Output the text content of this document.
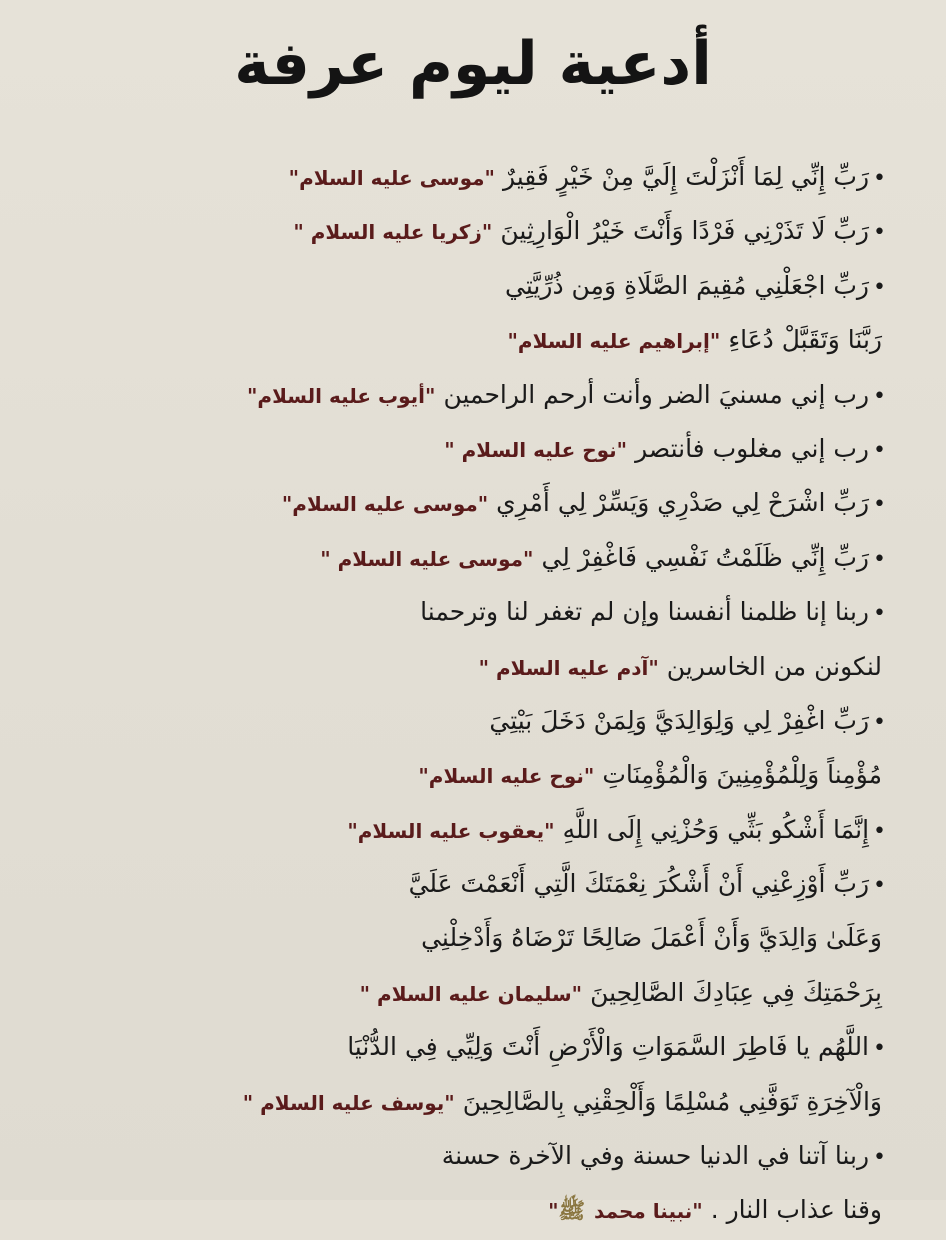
أدعية ليوم عرفة
•رَبِّ إِنِّي لِمَا أَنْزَلْتَ إِلَيَّ مِنْ خَيْرٍ فَقِيرٌ"موسى عليه السلام"
•رَبِّ لَا تَذَرْنِي فَرْدًا وَأَنْتَ خَيْرُ الْوَارِثِينَ"زكريا عليه السلام "
•رَبِّ اجْعَلْنِي مُقِيمَ الصَّلَاةِ وَمِن ذُرِّيَّتِي
رَبَّنَا وَتَقَبَّلْ دُعَاءِ"إبراهيم عليه السلام"
•رب إني مسنيَ الضر وأنت أرحم الراحمين"أيوب عليه السلام"
•رب إني مغلوب فأنتصر"نوح عليه السلام "
•رَبِّ اشْرَحْ لِي صَدْرِي وَيَسِّرْ لِي أَمْرِي"موسى عليه السلام"
•رَبِّ إِنِّي ظَلَمْتُ نَفْسِي فَاغْفِرْ لِي"موسى عليه السلام "
•ربنا إنا ظلمنا أنفسنا وإن لم تغفر لنا وترحمنا
لنكونن من الخاسرين"آدم عليه السلام "
•رَبِّ اغْفِرْ لِي وَلِوَالِدَيَّ وَلِمَنْ دَخَلَ بَيْتِيَ
مُؤْمِناً وَلِلْمُؤْمِنِينَ وَالْمُؤْمِنَاتِ"نوح عليه السلام"
•إِنَّمَا أَشْكُو بَثِّي وَحُزْنِي إِلَى اللَّهِ"يعقوب عليه السلام"
•رَبِّ أَوْزِعْنِي أَنْ أَشْكُرَ نِعْمَتَكَ الَّتِي أَنْعَمْتَ عَلَيَّ
وَعَلَىٰ وَالِدَيَّ وَأَنْ أَعْمَلَ صَالِحًا تَرْضَاهُ وَأَدْخِلْنِي
بِرَحْمَتِكَ فِي عِبَادِكَ الصَّالِحِينَ"سليمان عليه السلام "
•اللَّهُم يا فَاطِرَ السَّمَوَاتِ وَالْأَرْضِ أَنْتَ وَلِيِّي فِي الدُّنْيَا
وَالْآخِرَةِ تَوَفَّنِي مُسْلِمًا وَأَلْحِقْنِي بِالصَّالِحِينَ"يوسف عليه السلام "
•ربنا آتنا في الدنيا حسنة وفي الآخرة حسنة
وقنا عذاب النار ."نبينا محمد ﷺ"
